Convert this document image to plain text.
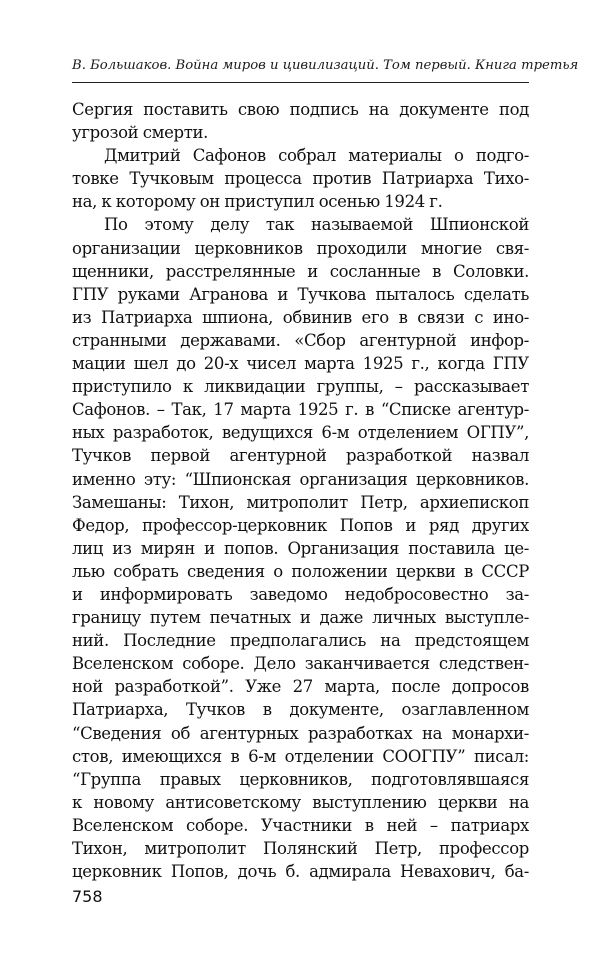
В. Большаков. Война миров и цивилизаций. Том первый. Книга третья
Сергия поставить свою подпись на документе под
угрозой смерти.
Дмитрий Сафонов собрал материалы о подго-
товке Тучковым процесса против Патриарха Тихо-
на, к которому он приступил осенью 1924 г.
По этому делу так называемой Шпионской
организации церковников проходили многие свя-
щенники, расстрелянные и сосланные в Соловки.
ГПУ руками Агранова и Тучкова пыталось сделать
из Патриарха шпиона, обвинив его в связи с ино-
странными державами. «Сбор агентурной инфор-
мации шел до 20-х чисел марта 1925 г., когда ГПУ
приступило к ликвидации группы, – рассказывает
Сафонов. – Так, 17 марта 1925 г. в “Списке агентур-
ных разработок, ведущихся 6-м отделением ОГПУ”,
Тучков первой агентурной разработкой назвал
именно эту: “Шпионская организация церковников.
Замешаны: Тихон, митрополит Петр, архиепископ
Федор, профессор-церковник Попов и ряд других
лиц из мирян и попов. Организация поставила це-
лью собрать сведения о положении церкви в СССР
и информировать заведомо недобросовестно за-
границу путем печатных и даже личных выступле-
ний. Последние предполагались на предстоящем
Вселенском соборе. Дело заканчивается следствен-
ной разработкой”. Уже 27 марта, после допросов
Патриарха, Тучков в документе, озаглавленном
“Сведения об агентурных разработках на монархи-
стов, имеющихся в 6-м отделении СООГПУ” писал:
“Группа правых церковников, подготовлявшаяся
к новому антисоветскому выступлению церкви на
Вселенском соборе. Участники в ней – патриарх
Тихон, митрополит Полянский Петр, профессор
церковник Попов, дочь б. адмирала Невахович, ба-
758
